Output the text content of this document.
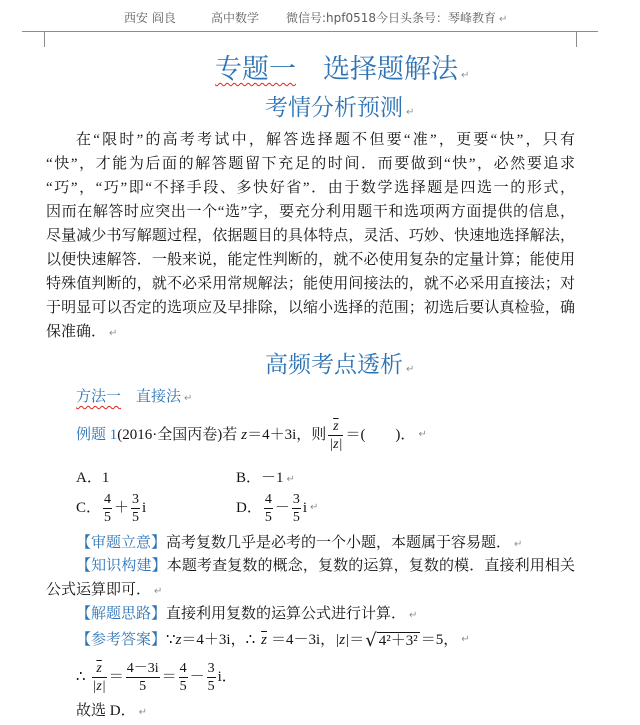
西安 阎良	高中数学 微信号:hpf0518 今日头条号：琴峰教育 ↵
专题一 选择题解法 ↵
考情分析预测 ↵
在“限时”的高考考试中，解答选择题不但要“准”，更要“快”，只有
“快”，才能为后面的解答题留下充足的时间．而要做到“快”，必然要追求
“巧”，“巧”即“不择手段、多快好省”．由于数学选择题是四选一的形式，
因而在解答时应突出一个“选”字，要充分利用题干和选项两方面提供的信息，
尽量减少书写解题过程，依据题目的具体特点，灵活、巧妙、快速地选择解法，
以便快速解答．一般来说，能定性判断的，就不必使用复杂的定量计算；能使用
特殊值判断的，就不必采用常规解法；能使用间接法的，就不必采用直接法；对
于明显可以否定的选项应及早排除，以缩小选择的范围；初选后要认真检验，确
保准确． ↵
高频考点透析 ↵
方法一 直接法 ↵
例题 1 (2016·全国丙卷)若 z ＝4＋3i，则 $\frac{\overline{z}}{|z|}$ ＝(　　)． ↵
A．1	B．－1 ↵
C． $\frac{4}{5} + \frac{3}{5}$ i	D． $\frac{4}{5} - \frac{3}{5}$ i ↵
【审题立意】高考复数几乎是必考的一个小题，本题属于容易题． ↵
【知识构建】本题考查复数的概念，复数的运算，复数的模．直接利用相关
公式运算即可． ↵
【解题思路】直接利用复数的运算公式进行计算． ↵
【参考答案】 ∵ z ＝4＋3i， ∴ $\overline{z} =4-3i$， |z| ＝ √ 4²＋3² ＝5， ↵
∴ $\frac{\overline{z}}{|z|} = \frac{4-3i}{5} = \frac{4}{5} - \frac{3}{5}$ i．
故选 D． ↵
